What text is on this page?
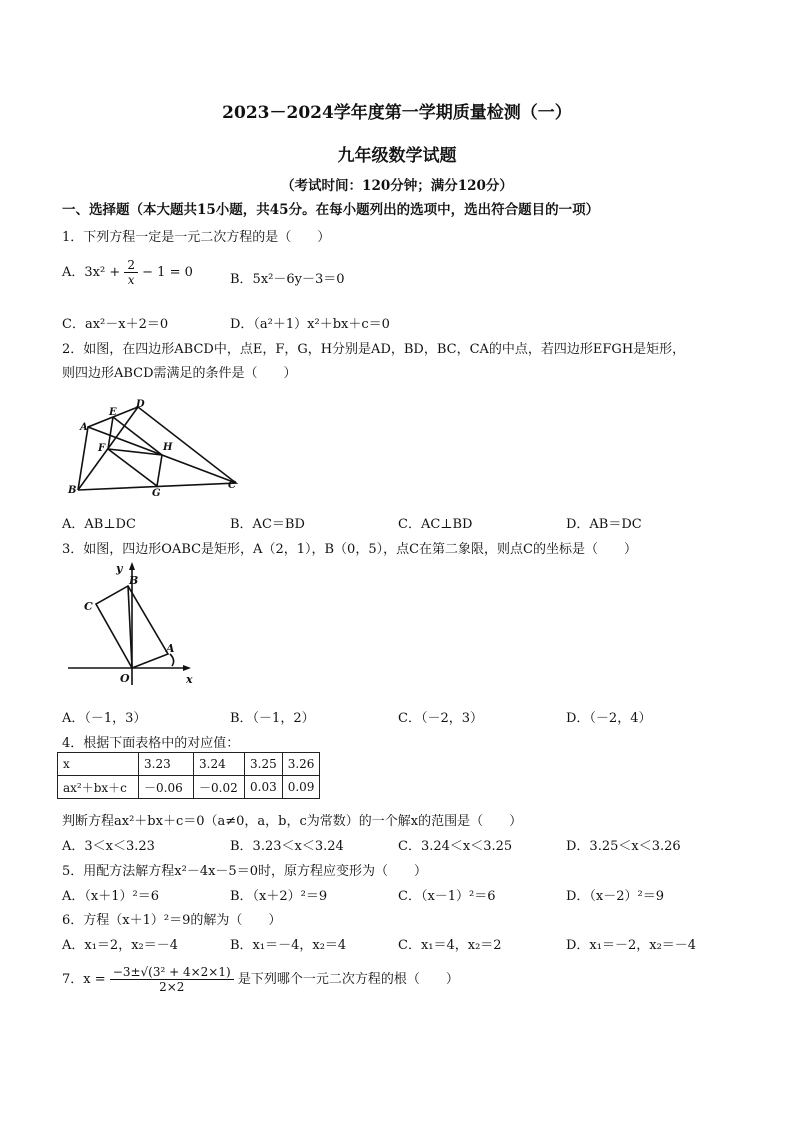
2023－2024学年度第一学期质量检测（一）
九年级数学试题
（考试时间：120分钟；满分120分）
一、选择题（本大题共15小题，共45分。在每小题列出的选项中，选出符合题目的一项）
1．下列方程一定是一元二次方程的是（　　）
A．$3x^2 + \frac{2}{x} - 1 = 0$	B．5x²－6y－3＝0
C．ax²－x＋2＝0	D．（a²＋1）x²＋bx＋c＝0
2．如图，在四边形ABCD中，点E，F，G，H分别是AD，BD，BC，CA的中点，若四边形EFGH是矩形，
则四边形ABCD需满足的条件是（　　）
A
B	C
D
E
F
G
H
A．AB⊥DC	B．AC＝BD	C．AC⊥BD	D．AB＝DC
3．如图，四边形OABC是矩形，A（2，1），B（0，5），点C在第二象限，则点C的坐标是（　　）
y
x
O
A
B
C
A．（－1，3）	B．（－1，2）	C．（－2，3）	D．（－2，4）
4．根据下面表格中的对应值：
x	3.23	3.24	3.25	3.26
ax²＋bx＋c	－0.06	－0.02	0.03	0.09
判断方程ax²＋bx＋c＝0（a≠0，a，b，c为常数）的一个解x的范围是（　　）
A．3＜x＜3.23	B．3.23＜x＜3.24	C．3.24＜x＜3.25	D．3.25＜x＜3.26
5．用配方法解方程x²－4x－5＝0时，原方程应变形为（　　）
A．（x＋1）²＝6	B．（x＋2）²＝9	C．（x－1）²＝6	D．（x－2）²＝9
6．方程（x＋1）²＝9的解为（　　）
A．x₁＝2，x₂＝－4	B．x₁＝－4，x₂＝4	C．x₁＝4，x₂＝2	D．x₁＝－2，x₂＝－4
7．$x = \frac{\text{−3±√(3² + 4×2×1)}}{2\times 2}$ 是下列哪个一元二次方程的根（　　）
